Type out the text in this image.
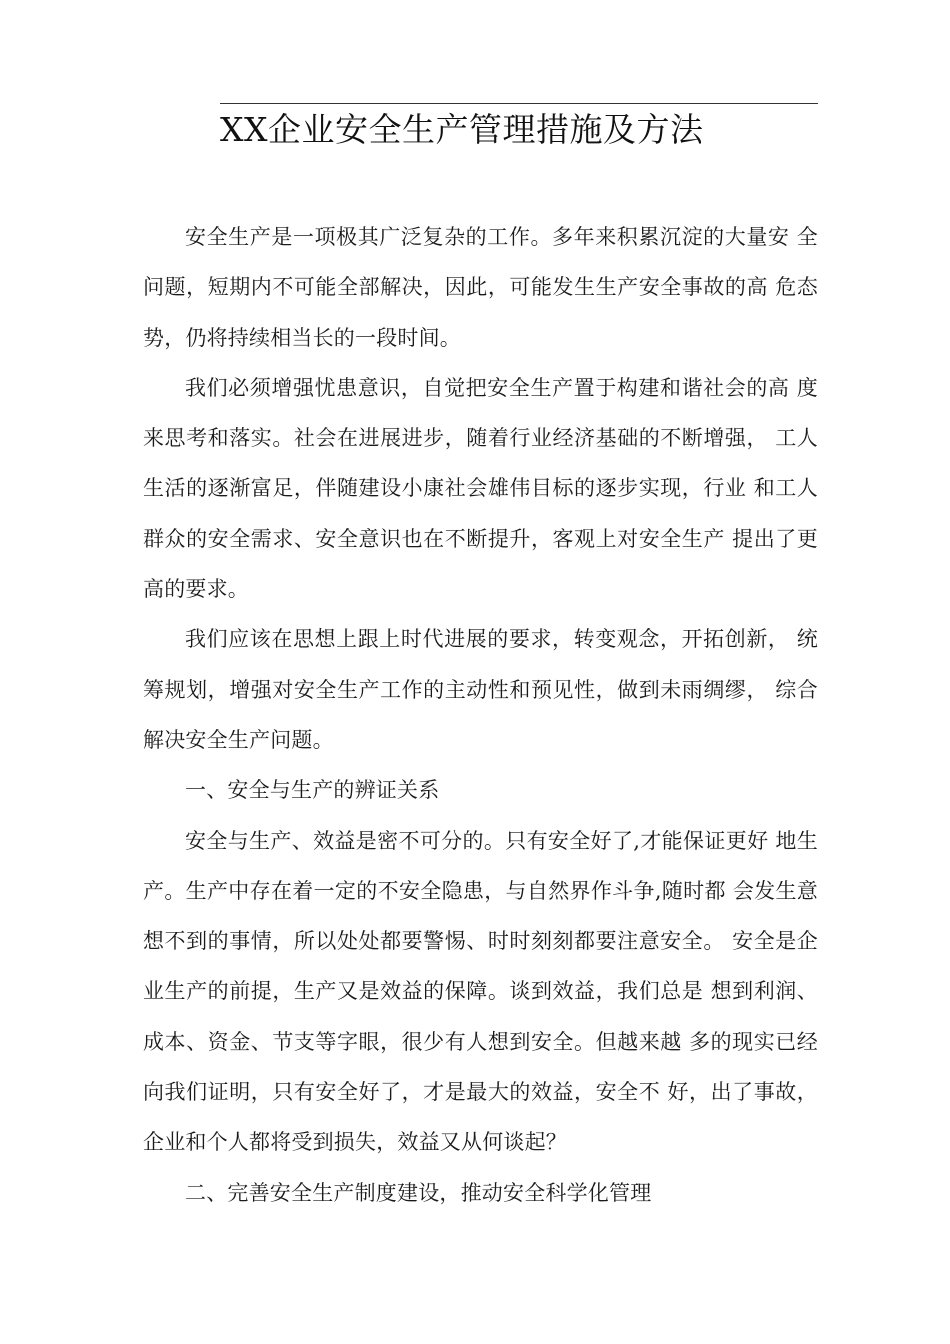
XX企业安全生产管理措施及方法

安全生产是一项极其广泛复杂的工作。多年来积累沉淀的大量安 全问题，短期内不可能全部解决，因此，可能发生生产安全事故的高 危态势，仍将持续相当长的一段时间。

我们必须增强忧患意识，自觉把安全生产置于构建和谐社会的高 度来思考和落实。社会在进展进步，随着行业经济基础的不断增强， 工人生活的逐渐富足，伴随建设小康社会雄伟目标的逐步实现，行业 和工人群众的安全需求、安全意识也在不断提升，客观上对安全生产 提出了更高的要求。

我们应该在思想上跟上时代进展的要求，转变观念，开拓创新， 统筹规划，增强对安全生产工作的主动性和预见性，做到未雨绸缪， 综合解决安全生产问题。

一、安全与生产的辨证关系

安全与生产、效益是密不可分的。只有安全好了,才能保证更好 地生产。生产中存在着一定的不安全隐患，与自然界作斗争,随时都 会发生意想不到的事情，所以处处都要警惕、时时刻刻都要注意安全。 安全是企业生产的前提，生产又是效益的保障。谈到效益，我们总是 想到利润、成本、资金、节支等字眼，很少有人想到安全。但越来越 多的现实已经向我们证明，只有安全好了，才是最大的效益，安全不 好，出了事故，企业和个人都将受到损失，效益又从何谈起？

二、完善安全生产制度建设，推动安全科学化管理
